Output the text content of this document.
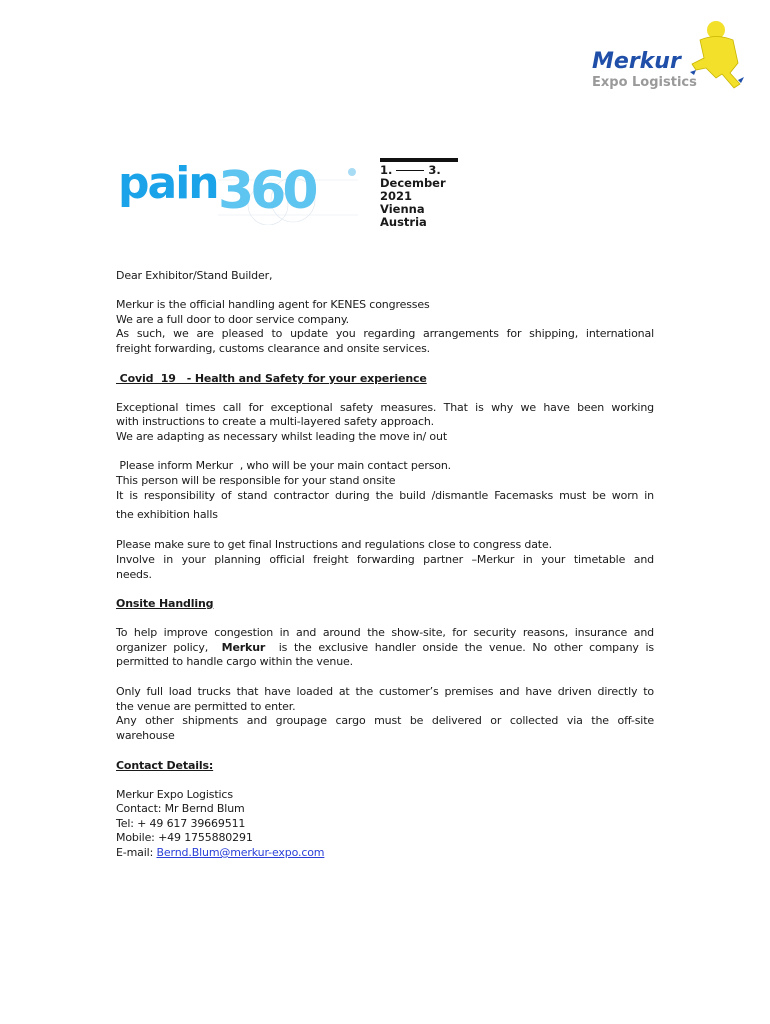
Merkur
Expo Logistics
pain 360	1.	3.
December
2021
Vienna
Austria
Dear Exhibitor/Stand Builder,
Merkur is the official handling agent for KENES congresses
We are a full door to door service company.
As such, we are pleased to update you regarding arrangements for shipping, international
freight forwarding, customs clearance and onsite services.
Covid  19   - Health and Safety for your experience
Exceptional times call for exceptional safety measures. That is why we have been working
with instructions to create a multi-layered safety approach.
We are adapting as necessary whilst leading the move in/ out
Please inform Merkur  , who will be your main contact person.
This person will be responsible for your stand onsite
It is responsibility of stand contractor during the build /dismantle Facemasks must be worn in
the exhibition halls
Please make sure to get final Instructions and regulations close to congress date.
Involve in your planning official freight forwarding partner –Merkur in your timetable and
needs.
Onsite Handling
To help improve congestion in and around the show-site, for security reasons, insurance and
organizer policy,  Merkur  is the exclusive handler onside the venue. No other company is
permitted to handle cargo within the venue.
Only full load trucks that have loaded at the customer’s premises and have driven directly to
the venue are permitted to enter.
Any other shipments and groupage cargo must be delivered or collected via the off-site
warehouse
Contact Details:
Merkur Expo Logistics
Contact: Mr Bernd Blum
Tel: + 49 617 39669511
Mobile: +49 1755880291
E-mail: Bernd.Blum@merkur-expo.com
